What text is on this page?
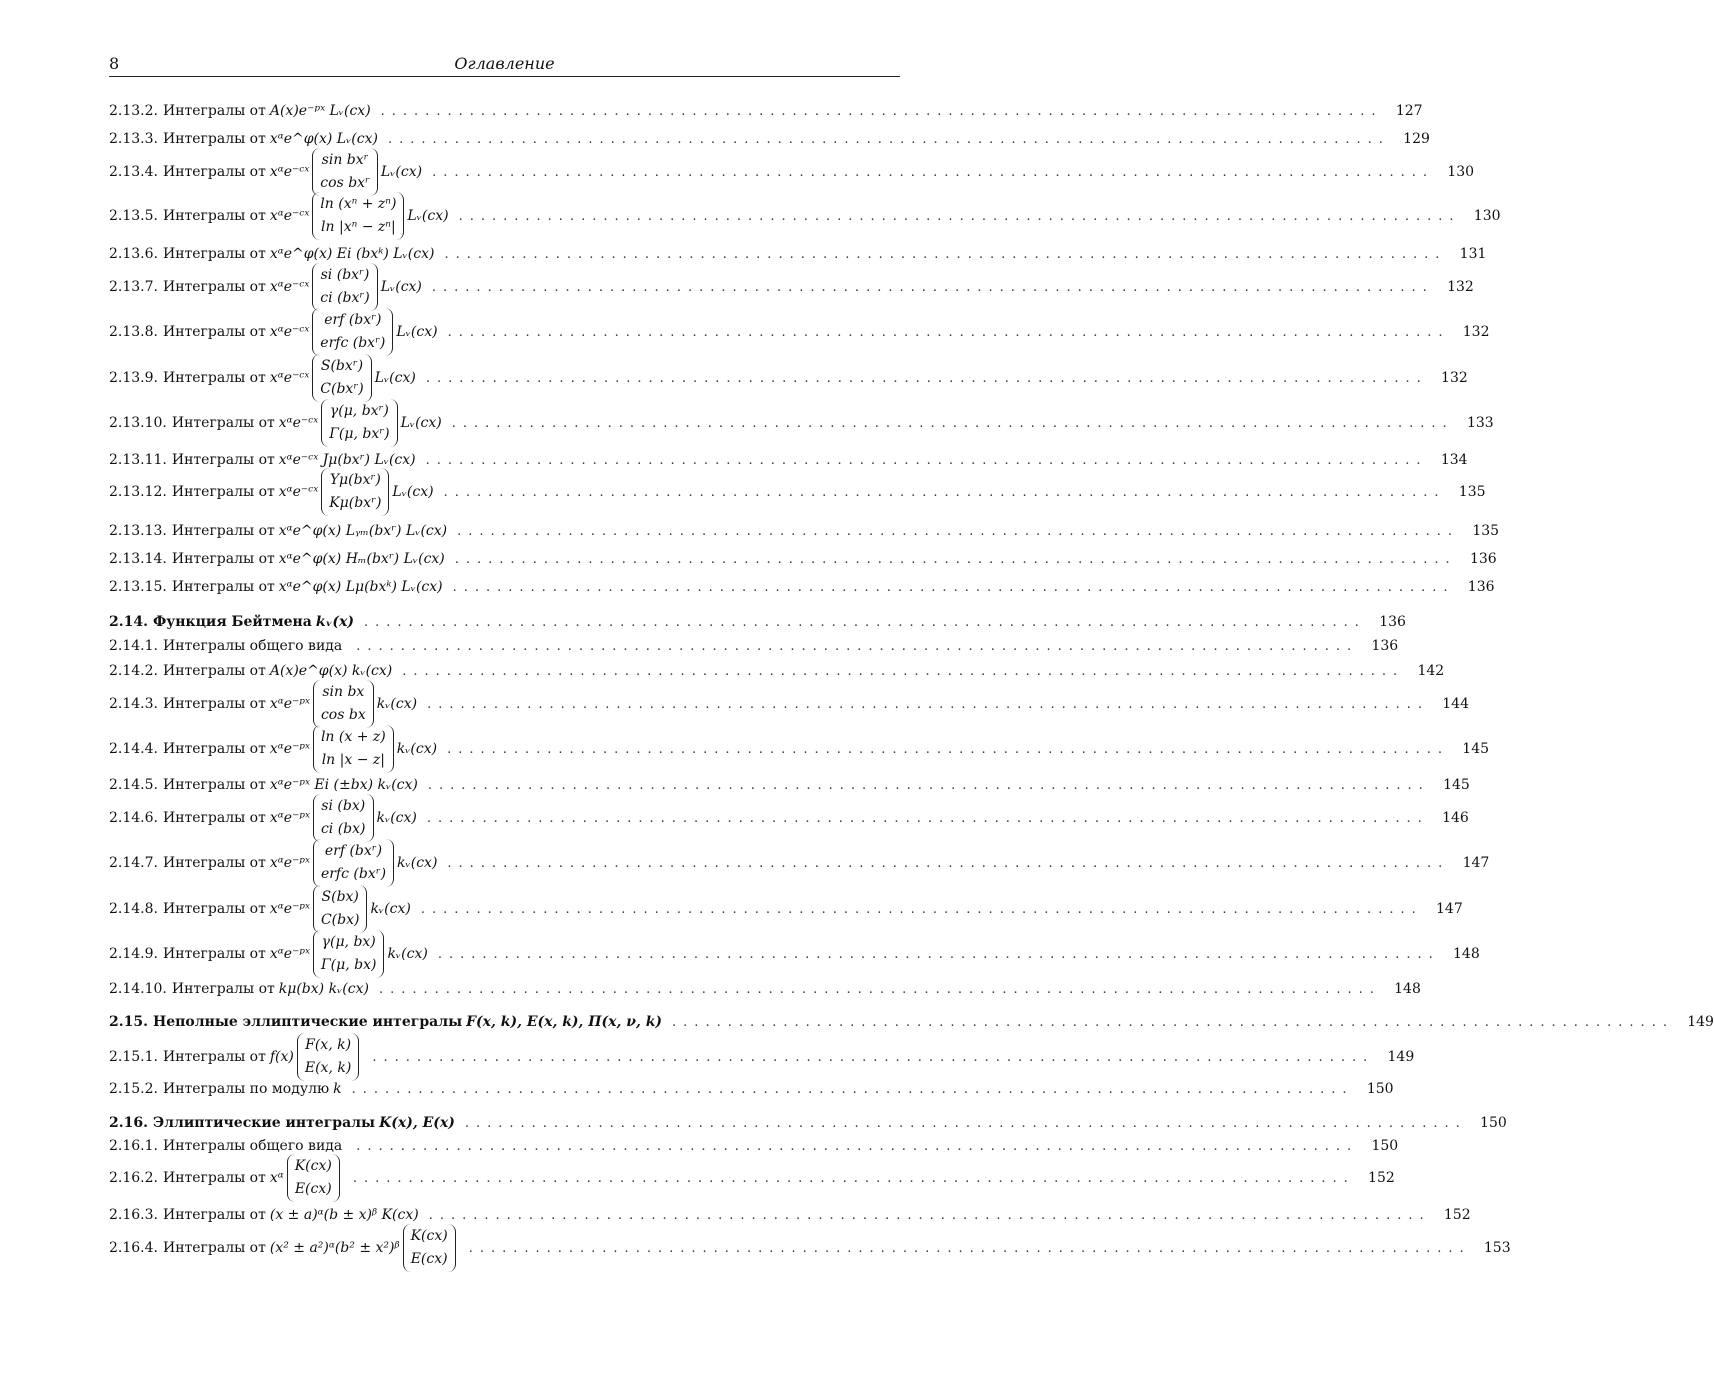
8	Оглавление
2.13.2. Интегралы от A(x)e⁻ᵖˣ Lᵥ(cx) .......................................................................................... 127
2.13.3. Интегралы от xᵅe^φ(x) Lᵥ(cx) .......................................................................................... 129
2.13.4. Интегралы от xᵅe⁻ᶜˣ
sin bxʳ
cos bxʳ
Lᵥ(cx) .......................................................................................... 130
2.13.5. Интегралы от xᵅe⁻ᶜˣ
ln (xⁿ + zⁿ)
ln |xⁿ − zⁿ|
Lᵥ(cx) .......................................................................................... 130
2.13.6. Интегралы от xᵅe^φ(x) Ei (bxᵏ) Lᵥ(cx) .......................................................................................... 131
2.13.7. Интегралы от xᵅe⁻ᶜˣ
si (bxʳ)
ci (bxʳ)
Lᵥ(cx) .......................................................................................... 132
2.13.8. Интегралы от xᵅe⁻ᶜˣ
erf (bxʳ)
erfc (bxʳ)
Lᵥ(cx) .......................................................................................... 132
2.13.9. Интегралы от xᵅe⁻ᶜˣ
S(bxʳ)
C(bxʳ)
Lᵥ(cx) .......................................................................................... 132
2.13.10. Интегралы от xᵅe⁻ᶜˣ
γ(μ, bxʳ)
Γ(μ, bxʳ)
Lᵥ(cx) .......................................................................................... 133
2.13.11. Интегралы от xᵅe⁻ᶜˣ Jμ(bxʳ) Lᵥ(cx) .......................................................................................... 134
2.13.12. Интегралы от xᵅe⁻ᶜˣ
Yμ(bxʳ)
Kμ(bxʳ)
Lᵥ(cx) .......................................................................................... 135
2.13.13. Интегралы от xᵅe^φ(x) Lᵧₘ(bxʳ) Lᵥ(cx) .......................................................................................... 135
2.13.14. Интегралы от xᵅe^φ(x) Hₘ(bxʳ) Lᵥ(cx) .......................................................................................... 136
2.13.15. Интегралы от xᵅe^φ(x) Lμ(bxᵏ) Lᵥ(cx) .......................................................................................... 136
2.14. Функция Бейтмена kᵥ(x) .......................................................................................... 136
2.14.1. Интегралы общего вида .......................................................................................... 136
2.14.2. Интегралы от A(x)e^φ(x) kᵥ(cx) .......................................................................................... 142
2.14.3. Интегралы от xᵅe⁻ᵖˣ
sin bx
cos bx
kᵥ(cx) .......................................................................................... 144
2.14.4. Интегралы от xᵅe⁻ᵖˣ
ln (x + z)
ln |x − z|
kᵥ(cx) .......................................................................................... 145
2.14.5. Интегралы от xᵅe⁻ᵖˣ Ei (±bx) kᵥ(cx) .......................................................................................... 145
2.14.6. Интегралы от xᵅe⁻ᵖˣ
si (bx)
ci (bx)
kᵥ(cx) .......................................................................................... 146
2.14.7. Интегралы от xᵅe⁻ᵖˣ
erf (bxʳ)
erfc (bxʳ)
kᵥ(cx) .......................................................................................... 147
2.14.8. Интегралы от xᵅe⁻ᵖˣ
S(bx)
C(bx)
kᵥ(cx) .......................................................................................... 147
2.14.9. Интегралы от xᵅe⁻ᵖˣ
γ(μ, bx)
Γ(μ, bx)
kᵥ(cx) .......................................................................................... 148
2.14.10. Интегралы от kμ(bx) kᵥ(cx) .......................................................................................... 148
2.15. Неполные эллиптические интегралы F(x, k), E(x, k), Π(x, ν, k) .......................................................................................... 149
2.15.1. Интегралы от f(x)
F(x, k)
E(x, k)
.......................................................................................... 149
2.15.2. Интегралы по модулю k .......................................................................................... 150
2.16. Эллиптические интегралы K(x), E(x) .......................................................................................... 150
2.16.1. Интегралы общего вида .......................................................................................... 150
2.16.2. Интегралы от xᵅ
K(cx)
E(cx)
.......................................................................................... 152
2.16.3. Интегралы от (x ± a)ᵅ(b ± x)ᵝ K(cx) .......................................................................................... 152
2.16.4. Интегралы от (x² ± a²)ᵅ(b² ± x²)ᵝ
K(cx)
E(cx)
.......................................................................................... 153
